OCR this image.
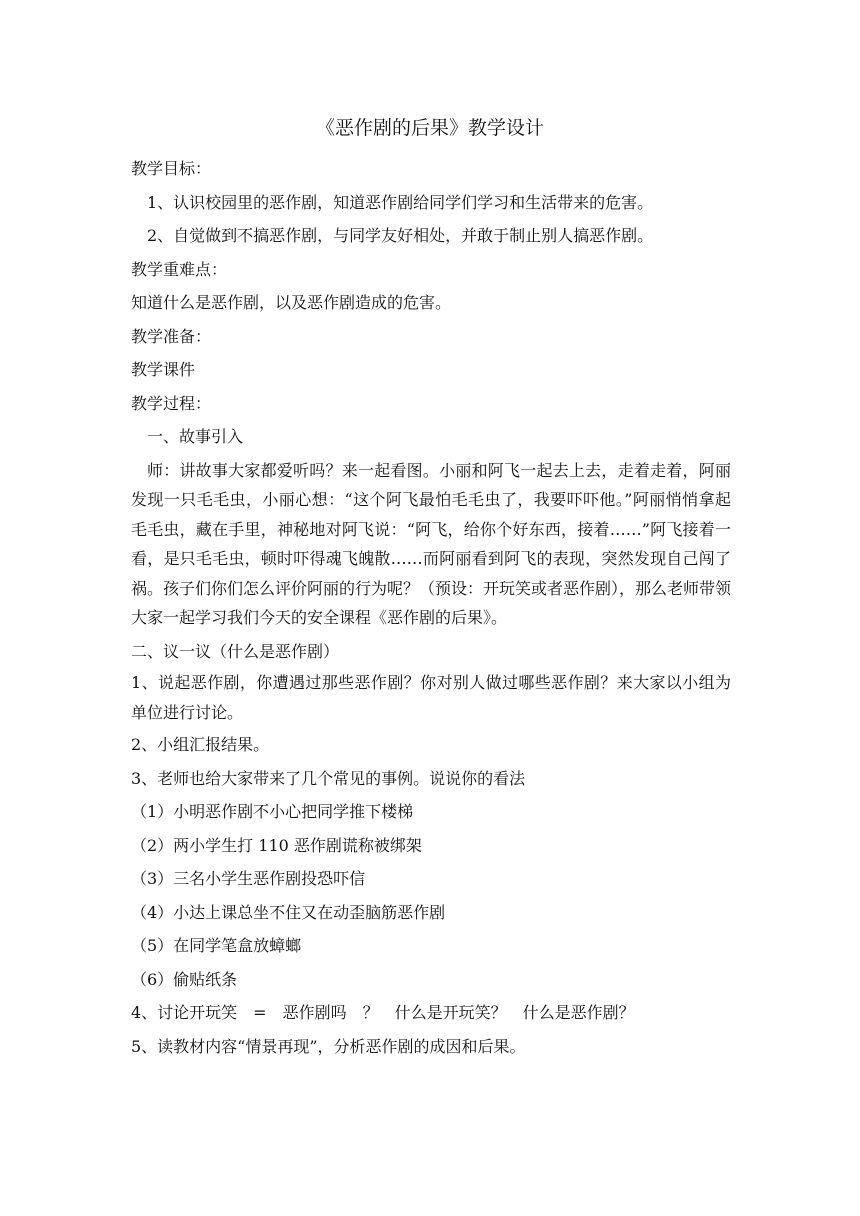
《恶作剧的后果》教学设计
教学目标：
1、认识校园里的恶作剧，知道恶作剧给同学们学习和生活带来的危害。
2、自觉做到不搞恶作剧，与同学友好相处，并敢于制止别人搞恶作剧。
教学重难点：
知道什么是恶作剧，以及恶作剧造成的危害。
教学准备：
教学课件
教学过程：
一、故事引入

师：讲故事大家都爱听吗？来一起看图。小丽和阿飞一起去上去，走着走着，阿丽发现一只毛毛虫，小丽心想：“这个阿飞最怕毛毛虫了，我要吓吓他。”阿丽悄悄拿起毛毛虫，藏在手里，神秘地对阿飞说：“阿飞，给你个好东西，接着……”阿飞接着一看，是只毛毛虫，顿时吓得魂飞魄散……而阿丽看到阿飞的表现，突然发现自己闯了祸。孩子们你们怎么评价阿丽的行为呢？（预设：开玩笑或者恶作剧），那么老师带领大家一起学习我们今天的安全课程《恶作剧的后果》。

二、议一议（什么是恶作剧）

1、说起恶作剧，你遭遇过那些恶作剧？你对别人做过哪些恶作剧？来大家以小组为单位进行讨论。

2、小组汇报结果。
3、老师也给大家带来了几个常见的事例。说说你的看法
（1）小明恶作剧不小心把同学推下楼梯
（2）两小学生打 110 恶作剧谎称被绑架
（3）三名小学生恶作剧投恐吓信
（4）小达上课总坐不住又在动歪脑筋恶作剧
（5）在同学笔盒放蟑螂
（6）偷贴纸条
4、讨论开玩笑　=　恶作剧吗　？　什么是开玩笑？　什么是恶作剧？
5、读教材内容“情景再现”，分析恶作剧的成因和后果。
